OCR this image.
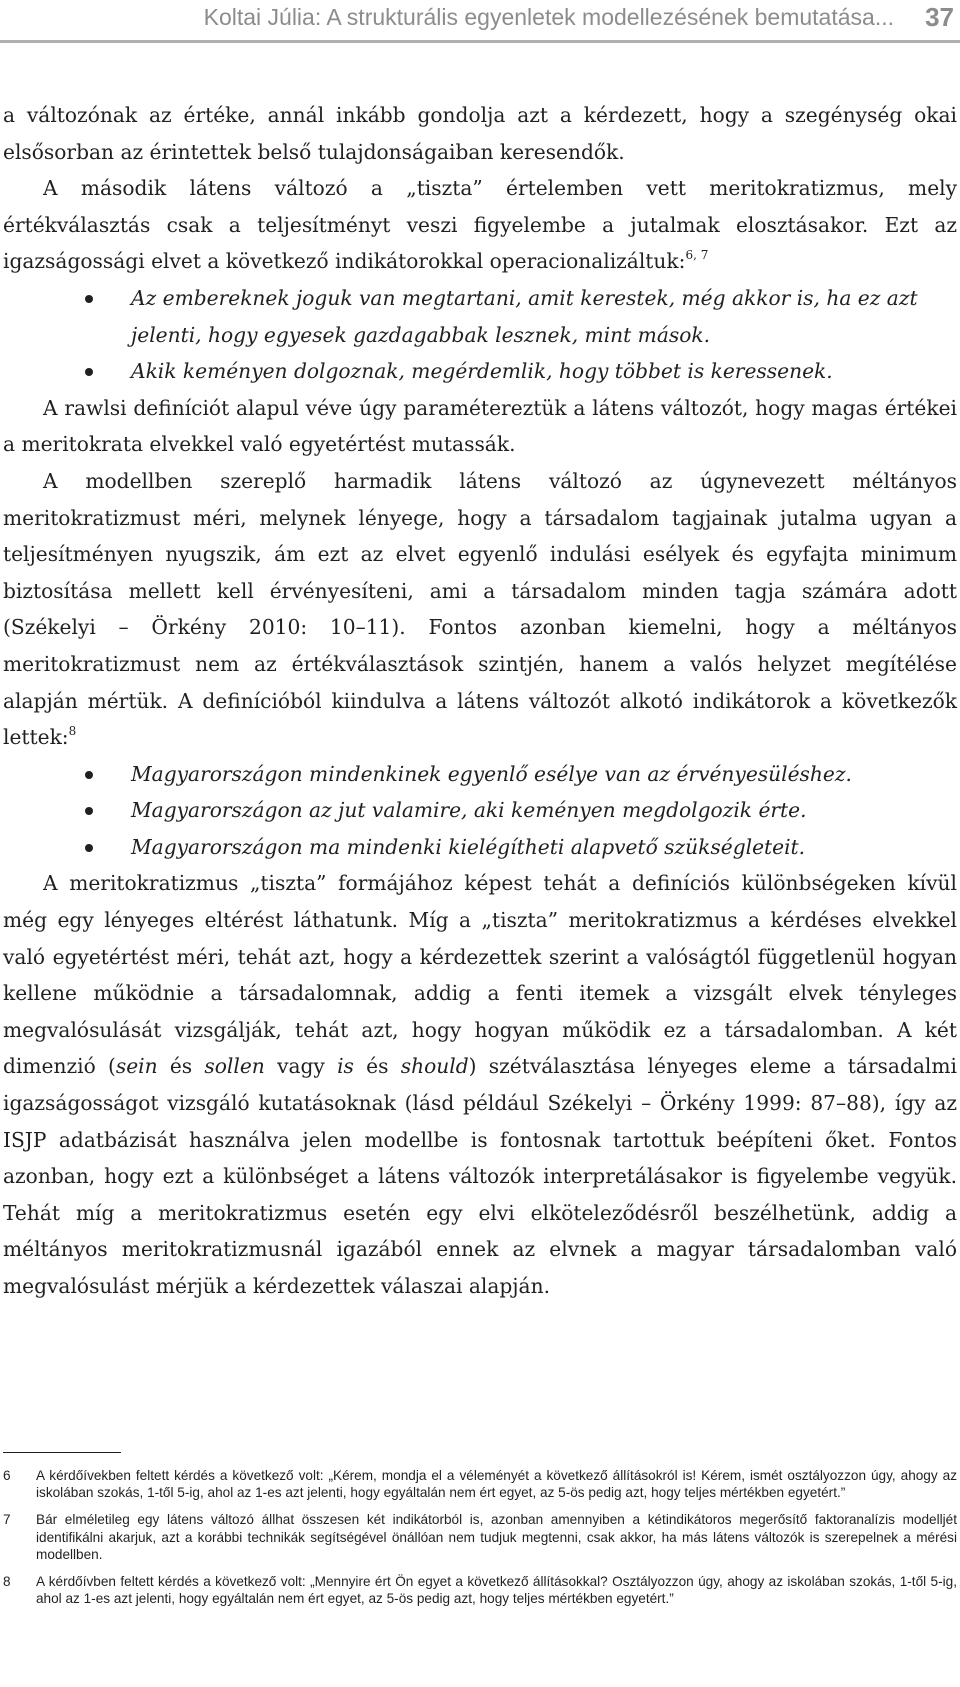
Koltai Júlia: A strukturális egyenletek modellezésének bemutatása... 37

a változónak az értéke, annál inkább gondolja azt a kérdezett, hogy a szegénység okai elsősorban az érintettek belső tulajdonságaiban keresendők.

A második látens változó a „tiszta” értelemben vett meritokratizmus, mely értékválasztás csak a teljesítményt veszi figyelembe a jutalmak elosztásakor. Ezt az igazságossági elvet a következő indikátorokkal operacionalizáltuk:$^{6, 7}$

Az embereknek joguk van megtartani, amit kerestek, még akkor is, ha ez azt jelenti, hogy egyesek gazdagabbak lesznek, mint mások.
Akik keményen dolgoznak, megérdemlik, hogy többet is keressenek.

A rawlsi definíciót alapul véve úgy paramétereztük a látens változót, hogy magas értékei a meritokrata elvekkel való egyetértést mutassák.

A modellben szereplő harmadik látens változó az úgynevezett méltányos meritokratizmust méri, melynek lényege, hogy a társadalom tagjainak jutalma ugyan a teljesítményen nyugszik, ám ezt az elvet egyenlő indulási esélyek és egyfajta minimum biztosítása mellett kell érvényesíteni, ami a társadalom minden tagja számára adott (Székelyi – Örkény 2010: 10–11). Fontos azonban kiemelni, hogy a méltányos meritokratizmust nem az értékválasztások szintjén, hanem a valós helyzet megítélése alapján mértük. A definícióból kiindulva a látens változót alkotó indikátorok a következők lettek:$^8$

Magyarországon mindenkinek egyenlő esélye van az érvényesüléshez.
Magyarországon az jut valamire, aki keményen megdolgozik érte.
Magyarországon ma mindenki kielégítheti alapvető szükségleteit.

A meritokratizmus „tiszta” formájához képest tehát a definíciós különbségeken kívül még egy lényeges eltérést láthatunk. Míg a „tiszta” meritokratizmus a kérdéses elvekkel való egyetértést méri, tehát azt, hogy a kérdezettek szerint a valóságtól függetlenül hogyan kellene működnie a társadalomnak, addig a fenti itemek a vizsgált elvek tényleges megvalósulását vizsgálják, tehát azt, hogy hogyan működik ez a társadalomban. A két dimenzió (sein és sollen vagy is és should) szétválasztása lényeges eleme a társadalmi igazságosságot vizsgáló kutatásoknak (lásd például Székelyi – Örkény 1999: 87–88), így az ISJP adatbázisát használva jelen modellbe is fontosnak tartottuk beépíteni őket. Fontos azonban, hogy ezt a különbséget a látens változók interpretálásakor is figyelembe vegyük. Tehát míg a meritokratizmus esetén egy elvi elköteleződésről beszélhetünk, addig a méltányos meritokratizmusnál igazából ennek az elvnek a magyar társadalomban való megvalósulást mérjük a kérdezettek válaszai alapján.

6 A kérdőívekben feltett kérdés a következő volt: „Kérem, mondja el a véleményét a következő állításokról is! Kérem, ismét osztályozzon úgy, ahogy az iskolában szokás, 1-től 5-ig, ahol az 1-es azt jelenti, hogy egyáltalán nem ért egyet, az 5-ös pedig azt, hogy teljes mértékben egyetért.”
7 Bár elméletileg egy látens változó állhat összesen két indikátorból is, azonban amennyiben a kétindikátoros megerősítő faktoranalízis modelljét identifikálni akarjuk, azt a korábbi technikák segítségével önállóan nem tudjuk megtenni, csak akkor, ha más látens változók is szerepelnek a mérési modellben.
8 A kérdőívben feltett kérdés a következő volt: „Mennyire ért Ön egyet a következő állításokkal? Osztályozzon úgy, ahogy az iskolában szokás, 1-től 5-ig, ahol az 1-es azt jelenti, hogy egyáltalán nem ért egyet, az 5-ös pedig azt, hogy teljes mértékben egyetért.”
